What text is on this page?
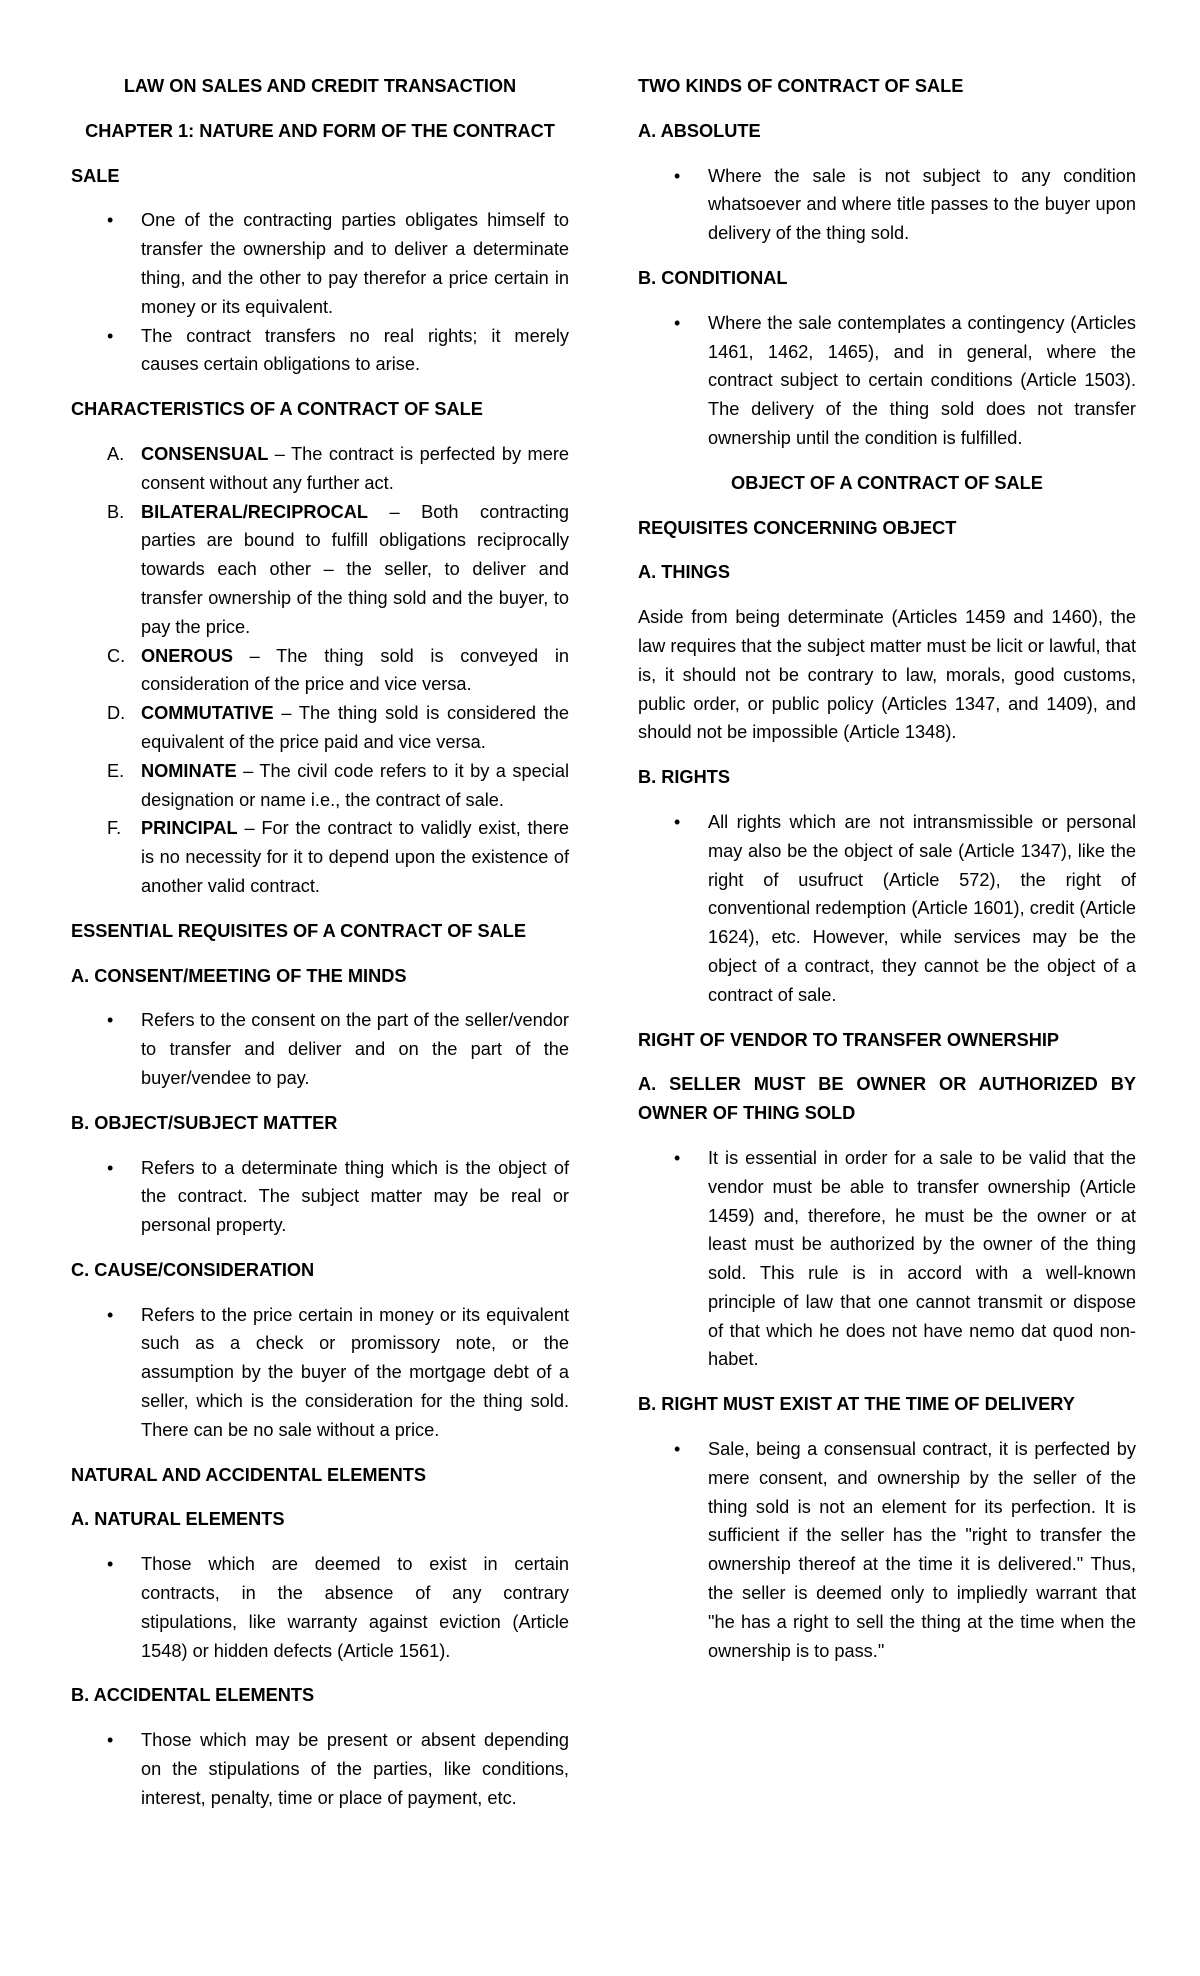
LAW ON SALES AND CREDIT TRANSACTION
CHAPTER 1: NATURE AND FORM OF THE CONTRACT
SALE
• One of the contracting parties obligates himself to transfer the ownership and to deliver a determinate thing, and the other to pay therefor a price certain in money or its equivalent.
• The contract transfers no real rights; it merely causes certain obligations to arise.
CHARACTERISTICS OF A CONTRACT OF SALE
A. CONSENSUAL – The contract is perfected by mere consent without any further act.
B. BILATERAL/RECIPROCAL – Both contracting parties are bound to fulfill obligations reciprocally towards each other – the seller, to deliver and transfer ownership of the thing sold and the buyer, to pay the price.
C. ONEROUS – The thing sold is conveyed in consideration of the price and vice versa.
D. COMMUTATIVE – The thing sold is considered the equivalent of the price paid and vice versa.
E. NOMINATE – The civil code refers to it by a special designation or name i.e., the contract of sale.
F. PRINCIPAL – For the contract to validly exist, there is no necessity for it to depend upon the existence of another valid contract.
ESSENTIAL REQUISITES OF A CONTRACT OF SALE
A. CONSENT/MEETING OF THE MINDS
• Refers to the consent on the part of the seller/vendor to transfer and deliver and on the part of the buyer/vendee to pay.
B. OBJECT/SUBJECT MATTER
• Refers to a determinate thing which is the object of the contract. The subject matter may be real or personal property.
C. CAUSE/CONSIDERATION
• Refers to the price certain in money or its equivalent such as a check or promissory note, or the assumption by the buyer of the mortgage debt of a seller, which is the consideration for the thing sold. There can be no sale without a price.
NATURAL AND ACCIDENTAL ELEMENTS
A. NATURAL ELEMENTS
• Those which are deemed to exist in certain contracts, in the absence of any contrary stipulations, like warranty against eviction (Article 1548) or hidden defects (Article 1561).
B. ACCIDENTAL ELEMENTS
• Those which may be present or absent depending on the stipulations of the parties, like conditions, interest, penalty, time or place of payment, etc.
TWO KINDS OF CONTRACT OF SALE
A. ABSOLUTE
• Where the sale is not subject to any condition whatsoever and where title passes to the buyer upon delivery of the thing sold.
B. CONDITIONAL
• Where the sale contemplates a contingency (Articles 1461, 1462, 1465), and in general, where the contract subject to certain conditions (Article 1503). The delivery of the thing sold does not transfer ownership until the condition is fulfilled.
OBJECT OF A CONTRACT OF SALE
REQUISITES CONCERNING OBJECT
A. THINGS

Aside from being determinate (Articles 1459 and 1460), the law requires that the subject matter must be licit or lawful, that is, it should not be contrary to law, morals, good customs, public order, or public policy (Articles 1347, and 1409), and should not be impossible (Article 1348).

B. RIGHTS
• All rights which are not intransmissible or personal may also be the object of sale (Article 1347), like the right of usufruct (Article 572), the right of conventional redemption (Article 1601), credit (Article 1624), etc. However, while services may be the object of a contract, they cannot be the object of a contract of sale.
RIGHT OF VENDOR TO TRANSFER OWNERSHIP
A. SELLER MUST BE OWNER OR AUTHORIZED BY OWNER OF THING SOLD
• It is essential in order for a sale to be valid that the vendor must be able to transfer ownership (Article 1459) and, therefore, he must be the owner or at least must be authorized by the owner of the thing sold. This rule is in accord with a well-known principle of law that one cannot transmit or dispose of that which he does not have nemo dat quod non-habet.
B. RIGHT MUST EXIST AT THE TIME OF DELIVERY
• Sale, being a consensual contract, it is perfected by mere consent, and ownership by the seller of the thing sold is not an element for its perfection. It is sufficient if the seller has the "right to transfer the ownership thereof at the time it is delivered." Thus, the seller is deemed only to impliedly warrant that "he has a right to sell the thing at the time when the ownership is to pass."
